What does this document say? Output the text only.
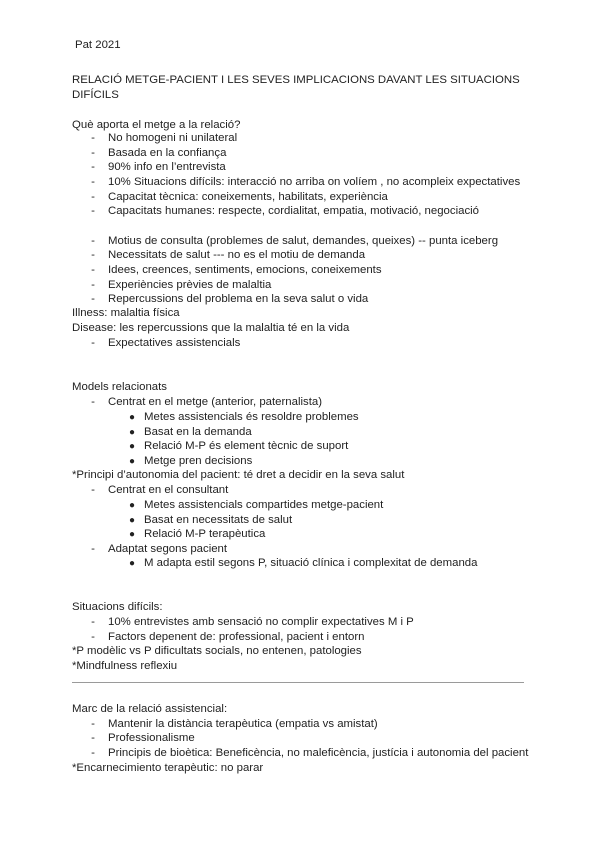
Pat 2021
RELACIÓ METGE-PACIENT I LES SEVES IMPLICACIONS DAVANT LES SITUACIONS
DIFÍCILS
Què aporta el metge a la relació?
- No homogeni ni unilateral
- Basada en la confiança
- 90% info en l’entrevista
- 10% Situacions difícils: interacció no arriba on volíem , no acompleix expectatives
- Capacitat tècnica: coneixements, habilitats, experiència
- Capacitats humanes: respecte, cordialitat, empatia, motivació, negociació
- Motius de consulta (problemes de salut, demandes, queixes) -- punta iceberg
- Necessitats de salut --- no es el motiu de demanda
- Idees, creences, sentiments, emocions, coneixements
- Experiències prèvies de malaltia
- Repercussions del problema en la seva salut o vida
Illness: malaltia física
Disease: les repercussions que la malaltia té en la vida
- Expectatives assistencials
Models relacionats
- Centrat en el metge (anterior, paternalista)
● Metes assistencials és resoldre problemes
● Basat en la demanda
● Relació M-P és element tècnic de suport
● Metge pren decisions
*Principi d’autonomia del pacient: té dret a decidir en la seva salut
- Centrat en el consultant
● Metes assistencials compartides metge-pacient
● Basat en necessitats de salut
● Relació M-P terapèutica
- Adaptat segons pacient
● M adapta estil segons P, situació clínica i complexitat de demanda
Situacions difícils:
- 10% entrevistes amb sensació no complir expectatives M i P
- Factors depenent de: professional, pacient i entorn
*P modèlic vs P dificultats socials, no entenen, patologies
*Mindfulness reflexiu
Marc de la relació assistencial:
- Mantenir la distància terapèutica (empatia vs amistat)
- Professionalisme
- Principis de bioètica: Beneficència, no maleficència, justícia i autonomia del pacient
*Encarnecimiento terapèutic: no parar
